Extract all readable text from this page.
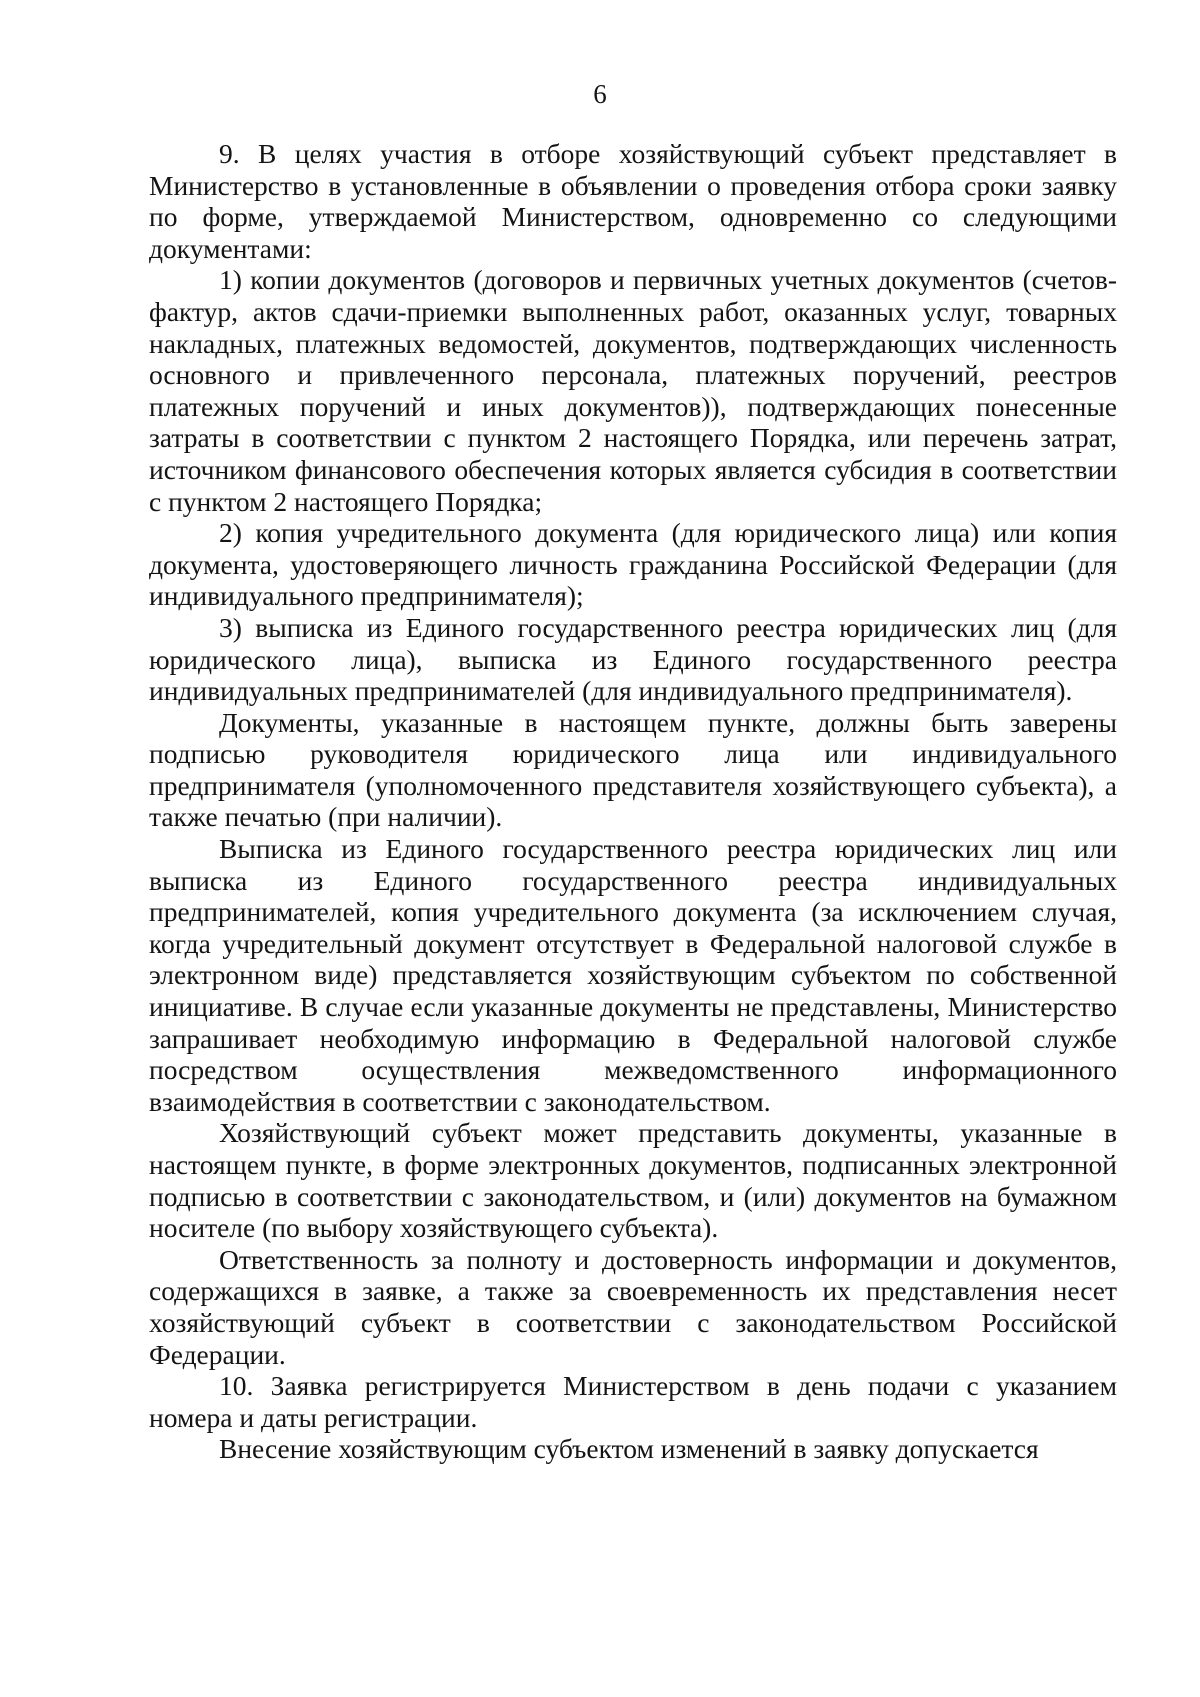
6

9. В целях участия в отборе хозяйствующий субъект представляет в Министерство в установленные в объявлении о проведения отбора сроки заявку по форме, утверждаемой Министерством, одновременно со следующими документами:

1) копии документов (договоров и первичных учетных документов (счетов-фактур, актов сдачи-приемки выполненных работ, оказанных услуг, товарных накладных, платежных ведомостей, документов, подтверждающих численность основного и привлеченного персонала, платежных поручений, реестров платежных поручений и иных документов)), подтверждающих понесенные затраты в соответствии с пунктом 2 настоящего Порядка, или перечень затрат, источником финансового обеспечения которых является субсидия в соответствии с пунктом 2 настоящего Порядка;

2) копия учредительного документа (для юридического лица) или копия документа, удостоверяющего личность гражданина Российской Федерации (для индивидуального предпринимателя);

3) выписка из Единого государственного реестра юридических лиц (для юридического лица), выписка из Единого государственного реестра индивидуальных предпринимателей (для индивидуального предпринимателя).

Документы, указанные в настоящем пункте, должны быть заверены подписью руководителя юридического лица или индивидуального предпринимателя (уполномоченного представителя хозяйствующего субъекта), а также печатью (при наличии).

Выписка из Единого государственного реестра юридических лиц или выписка из Единого государственного реестра индивидуальных предпринимателей, копия учредительного документа (за исключением случая, когда учредительный документ отсутствует в Федеральной налоговой службе в электронном виде) представляется хозяйствующим субъектом по собственной инициативе. В случае если указанные документы не представлены, Министерство запрашивает необходимую информацию в Федеральной налоговой службе посредством осуществления межведомственного информационного взаимодействия в соответствии с законодательством.

Хозяйствующий субъект может представить документы, указанные в настоящем пункте, в форме электронных документов, подписанных электронной подписью в соответствии с законодательством, и (или) документов на бумажном носителе (по выбору хозяйствующего субъекта).

Ответственность за полноту и достоверность информации и документов, содержащихся в заявке, а также за своевременность их представления несет хозяйствующий субъект в соответствии с законодательством Российской Федерации.

10. Заявка регистрируется Министерством в день подачи с указанием номера и даты регистрации.

Внесение хозяйствующим субъектом изменений в заявку допускается
